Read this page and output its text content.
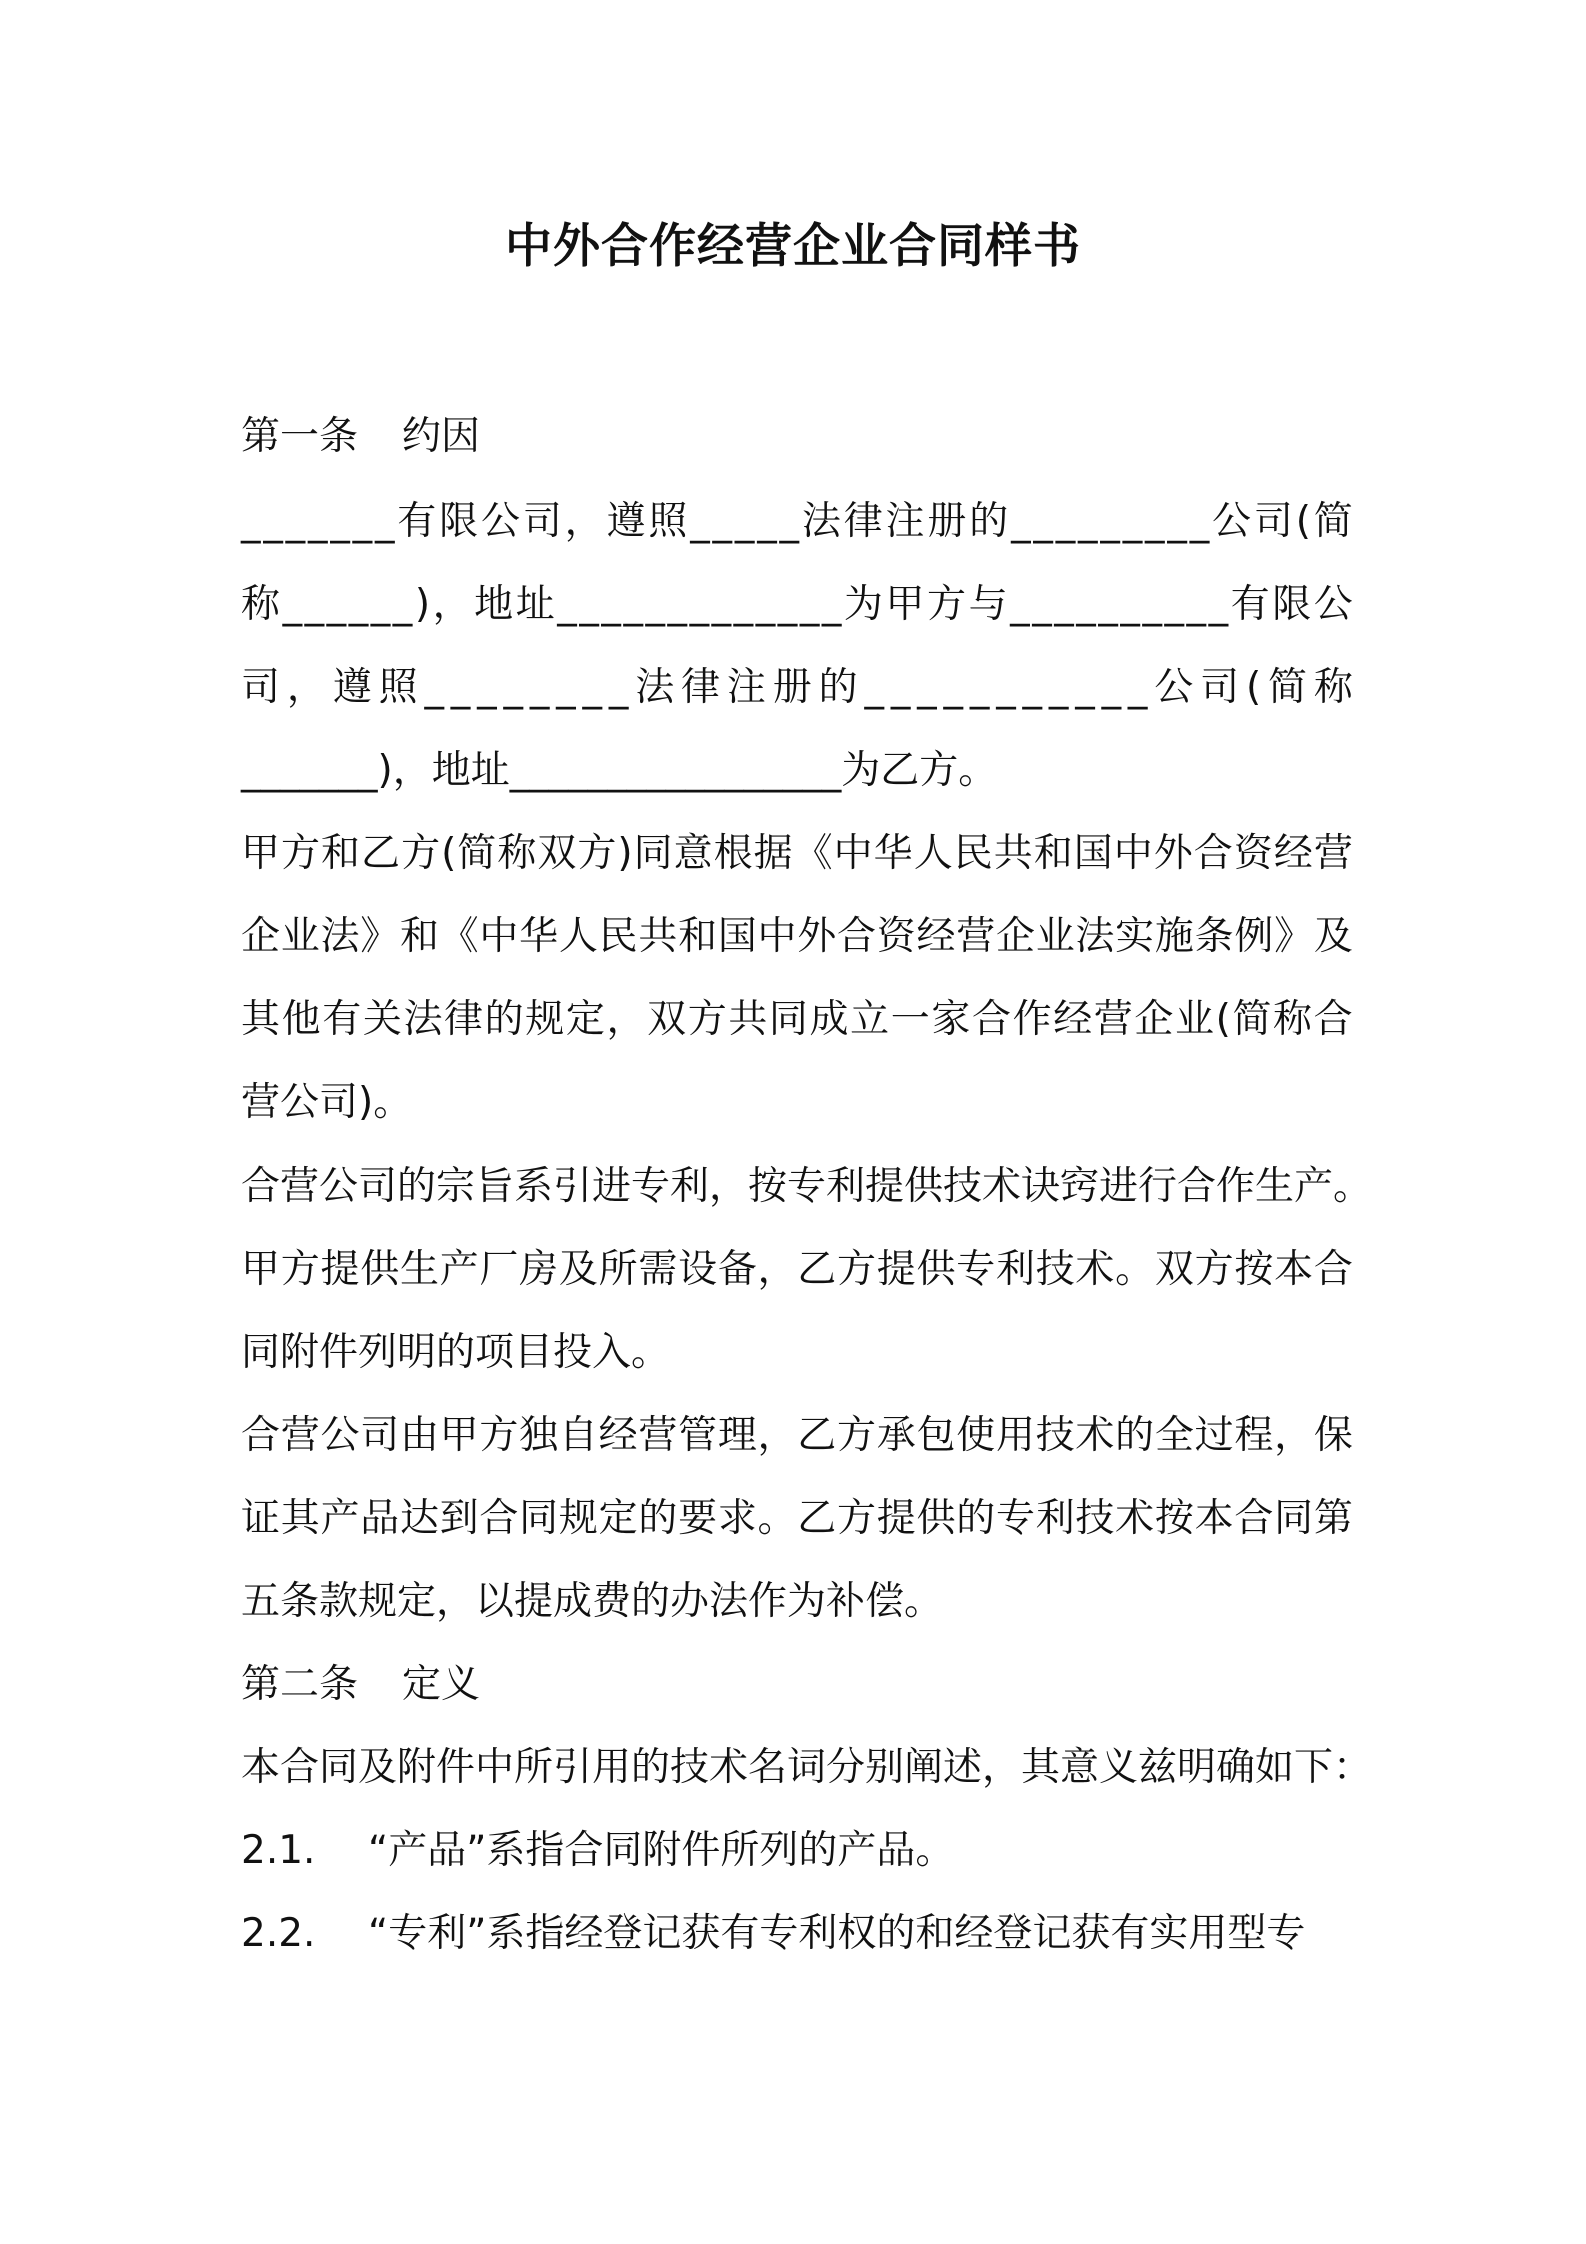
中外合作经营企业合同样书
第一条 约因
_ _ _ _ _ _ _ 有 限 公 司 ， 遵 照 _ _ _ _ _ 法 律 注 册 的 _ _ _ _ _ _ _ _ _ 公 司 ( 简
称 _ _ _ _ _ _ ) ， 地 址 _ _ _ _ _ _ _ _ _ _ _ _ _ 为 甲 方 与 _ _ _ _ _ _ _ _ _ _ 有 限 公
司 ， 遵 照 _ _ _ _ _ _ _ _ 法 律 注 册 的 _ _ _ _ _ _ _ _ _ _ _ 公 司 ( 简 称
_______)，地址_________________为乙方。
甲 方 和 乙 方 ( 简 称 双 方 ) 同 意 根 据 《 中 华 人 民 共 和 国 中 外 合 资 经 营
企 业 法 》 和 《 中 华 人 民 共 和 国 中 外 合 资 经 营 企 业 法 实 施 条 例 》 及
其 他 有 关 法 律 的 规 定 ， 双 方 共 同 成 立 一 家 合 作 经 营 企 业 ( 简 称 合
营公司)。
合营公司的宗旨系引进专利，按专利提供技术诀窍进行合作生产。
甲 方 提 供 生 产 厂 房 及 所 需 设 备 ， 乙 方 提 供 专 利 技 术 。 双 方 按 本 合
同附件列明的项目投入。
合 营 公 司 由 甲 方 独 自 经 营 管 理 ， 乙 方 承 包 使 用 技 术 的 全 过 程 ， 保
证 其 产 品 达 到 合 同 规 定 的 要 求 。 乙 方 提 供 的 专 利 技 术 按 本 合 同 第
五条款规定，以提成费的办法作为补偿。
第二条 定义
本合同及附件中所引用的技术名词分别阐述，其意义兹明确如下：
2.1. “产品”系指合同附件所列的产品。
2.2. “专利”系指经登记获有专利权的和经登记获有实用型专
